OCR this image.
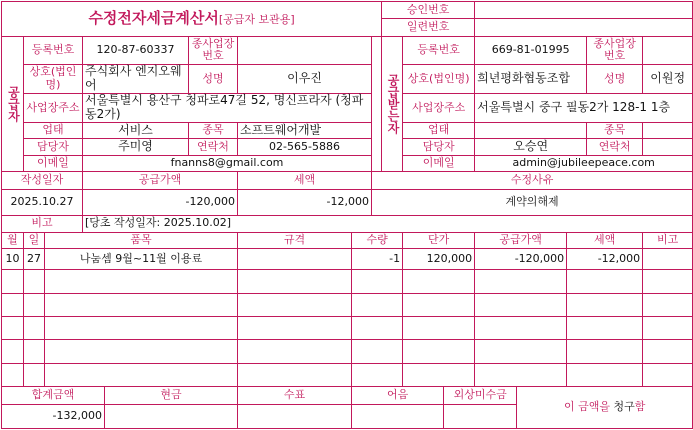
수정전자세금계산서[공급자 보관용]									승인번호							
									일련번호							
공급자	등록번호		120-87-60337		종사업장번호				공급받는자	등록번호		669-81-01995			종사업장번호	
	상호(법인명)		주식회사 엔지오웨어		성명	이우진				상호(법인명)		희년평화협동조합			성명	이원정
	사업장주소		서울특별시 용산구 청파로47길 52, 명신프라자 (청파동2가)							사업장주소		서울특별시 중구 필동2가 128-1 1층				
	업태		서비스		종목	소프트웨어개발				업태					종목	
	담당자		주미영		연락처	02-565-5886				담당자		오승연			연락처	
	이메일		fnanns8@gmail.com							이메일		admin@jubileepeace.com				
작성일자			공급가액			세액		수정사유								
2025.10.27			-120,000			-12,000		계약의해제								
비고			[당초 작성일자: 2025.10.02]													
월	일	품목				규격	수량			단가		공급가액		세액		비고
10	27	나눔셈 9월~11월 이용료					-1			120,000		-120,000		-12,000		

합계금액				현금		수표	어음				외상미수금		이 금액을 청구함			
-132,000																
